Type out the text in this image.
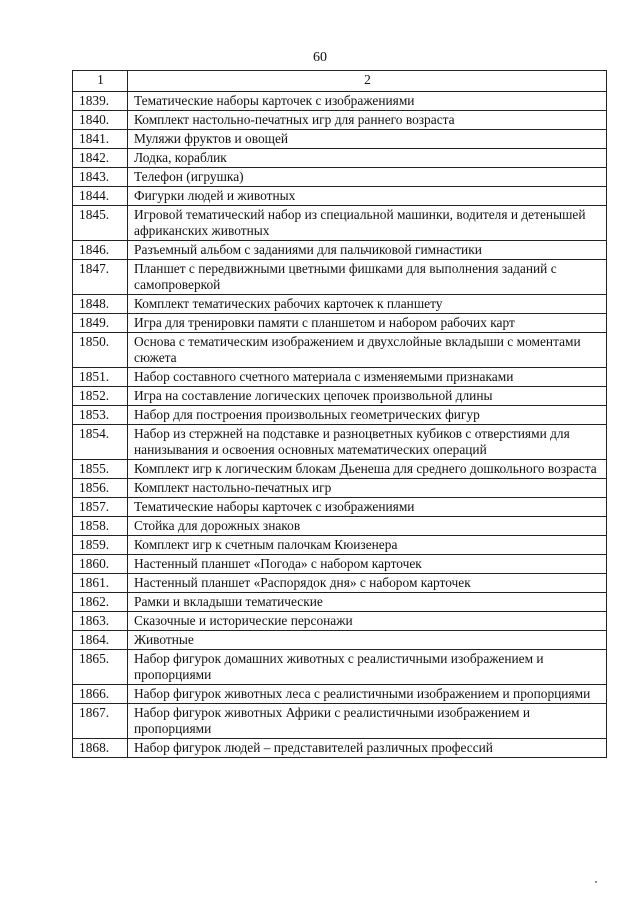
60
1	2
1839.	Тематические наборы карточек с изображениями
1840.	Комплект настольно-печатных игр для раннего возраста
1841.	Муляжи фруктов и овощей
1842.	Лодка, кораблик
1843.	Телефон (игрушка)
1844.	Фигурки людей и животных
1845.	Игровой тематический набор из специальной машинки, водителя и детенышей африканских животных
1846.	Разъемный альбом с заданиями для пальчиковой гимнастики
1847.	Планшет с передвижными цветными фишками для выполнения заданий с самопроверкой
1848.	Комплект тематических рабочих карточек к планшету
1849.	Игра для тренировки памяти с планшетом и набором рабочих карт
1850.	Основа с тематическим изображением и двухслойные вкладыши с моментами сюжета
1851.	Набор составного счетного материала с изменяемыми признаками
1852.	Игра на составление логических цепочек произвольной длины
1853.	Набор для построения произвольных геометрических фигур
1854.	Набор из стержней на подставке и разноцветных кубиков с отверстиями для нанизывания и освоения основных математических операций
1855.	Комплект игр к логическим блокам Дьенеша для среднего дошкольного возраста
1856.	Комплект настольно-печатных игр
1857.	Тематические наборы карточек с изображениями
1858.	Стойка для дорожных знаков
1859.	Комплект игр к счетным палочкам Кюизенера
1860.	Настенный планшет «Погода» с набором карточек
1861.	Настенный планшет «Распорядок дня» с набором карточек
1862.	Рамки и вкладыши тематические
1863.	Сказочные и исторические персонажи
1864.	Животные
1865.	Набор фигурок домашних животных с реалистичными изображением и пропорциями
1866.	Набор фигурок животных леса с реалистичными изображением и пропорциями
1867.	Набор фигурок животных Африки с реалистичными изображением и пропорциями
1868.	Набор фигурок людей – представителей различных профессий
